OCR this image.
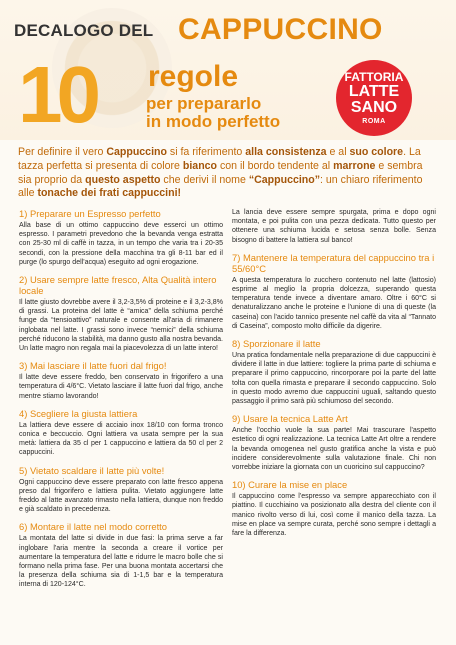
DECALOGO DEL CAPPUCCINO
10 regole
per prepararlo
in modo perfetto
FATTORIA
LATTE
SANO
ROMA
Per definire il vero Cappuccino si fa riferimento alla consistenza e al suo colore. La tazza perfetta si presenta di colore bianco con il bordo tendente al marrone e sembra sia proprio da questo aspetto che derivi il nome “Cappuccino”: un chiaro riferimento alle tonache dei frati cappuccini!
1) Preparare un Espresso perfetto
Alla base di un ottimo cappuccino deve esserci un ottimo espresso. I parametri prevedono che la bevanda venga estratta con 25-30 ml di caffè in tazza, in un tempo che varia tra i 20-35 secondi, con la pressione della macchina tra gli 8-11 bar ed il purge (lo spurgo dell'acqua) eseguito ad ogni erogazione.
2) Usare sempre latte fresco, Alta Qualità intero locale
Il latte giusto dovrebbe avere il 3,2-3,5% di proteine e il 3,2-3,8% di grassi. La proteina del latte è “amica” della schiuma perché funge da “tensioattivo” naturale e consente all'aria di rimanere inglobata nel latte. I grassi sono invece “nemici” della schiuma perché riducono la stabilità, ma danno gusto alla nostra bevanda. Un latte magro non regala mai la piacevolezza di un latte intero!
3) Mai lasciare il latte fuori dal frigo!
Il latte deve essere freddo, ben conservato in frigorifero a una temperatura di 4/6°C. Vietato lasciare il latte fuori dal frigo, anche mentre stiamo lavorando!
4) Scegliere la giusta lattiera
La lattiera deve essere di acciaio inox 18/10 con forma tronco conica e beccuccio. Ogni lattiera va usata sempre per la sua metà: lattiera da 35 cl per 1 cappuccino e lattiera da 50 cl per 2 cappuccini.
5) Vietato scaldare il latte più volte!
Ogni cappuccino deve essere preparato con latte fresco appena preso dal frigorifero e lattiera pulita. Vietato aggiungere latte freddo al latte avanzato rimasto nella lattiera, dunque non freddo e già scaldato in precedenza.
6) Montare il latte nel modo corretto
La montata del latte si divide in due fasi: la prima serve a far inglobare l'aria mentre la seconda a creare il vortice per aumentare la temperatura del latte e ridurre le macro bolle che si formano nella prima fase. Per una buona montata accertarsi che la presenza della schiuma sia di 1-1,5 bar e la temperatura interna di 120-124°C.
La lancia deve essere sempre spurgata, prima e dopo ogni montata, e poi pulita con una pezza dedicata. Tutto questo per ottenere una schiuma lucida e setosa senza bolle. Senza bisogno di battere la lattiera sul banco!
7) Mantenere la temperatura del cappuccino tra i 55/60°C
A questa temperatura lo zucchero contenuto nel latte (lattosio) esprime al meglio la propria dolcezza, superando questa temperatura tende invece a diventare amaro. Oltre i 60°C si denaturalizzano anche le proteine e l'unione di una di queste (la caseina) con l'acido tannico presente nel caffè da vita al “Tannato di Caseina”, composto molto difficile da digerire.
8) Sporzionare il latte
Una pratica fondamentale nella preparazione di due cappuccini è dividere il latte in due lattiere: togliere la prima parte di schiuma e preparare il primo cappuccino, rincorporare poi la parte del latte tolta con quella rimasta e preparare il secondo cappuccino. Solo in questo modo avremo due cappuccini uguali, saltando questo passaggio il primo sarà più schiumoso del secondo.
9) Usare la tecnica Latte Art
Anche l'occhio vuole la sua parte! Mai trascurare l'aspetto estetico di ogni realizzazione. La tecnica Latte Art oltre a rendere la bevanda omogenea nel gusto gratifica anche la vista e può incidere considerevolmente sulla valutazione finale. Chi non vorrebbe iniziare la giornata con un cuoricino sul cappuccino?
10) Curare la mise en place
Il cappuccino come l'espresso va sempre apparecchiato con il piattino. Il cucchiaino va posizionato alla destra del cliente con il manico rivolto verso di lui, così come il manico della tazza. La mise en place va sempre curata, perché sono sempre i dettagli a fare la differenza.
